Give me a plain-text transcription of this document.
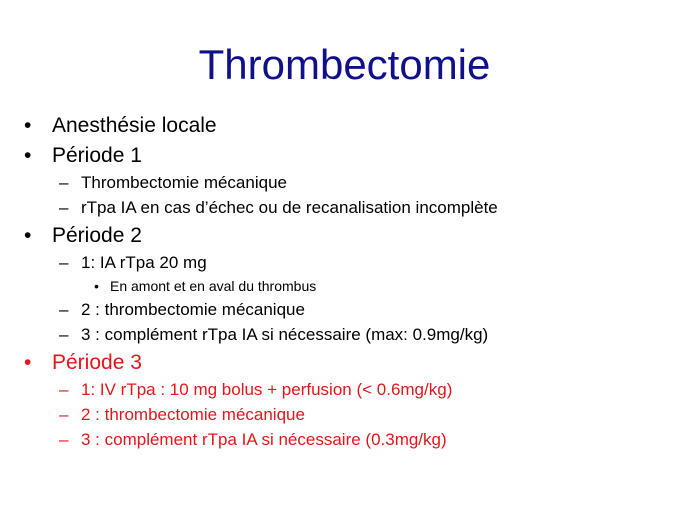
Thrombectomie
• Anesthésie locale
• Période 1
– Thrombectomie mécanique
– rTpa IA en cas d’échec ou de recanalisation incomplète
• Période 2
– 1: IA rTpa 20 mg
• En amont et en aval du thrombus
– 2 : thrombectomie mécanique
– 3 : complément rTpa IA si nécessaire (max: 0.9mg/kg)
• Période 3
– 1: IV rTpa : 10 mg bolus + perfusion (< 0.6mg/kg)
– 2 : thrombectomie mécanique
– 3 : complément rTpa IA si nécessaire (0.3mg/kg)
